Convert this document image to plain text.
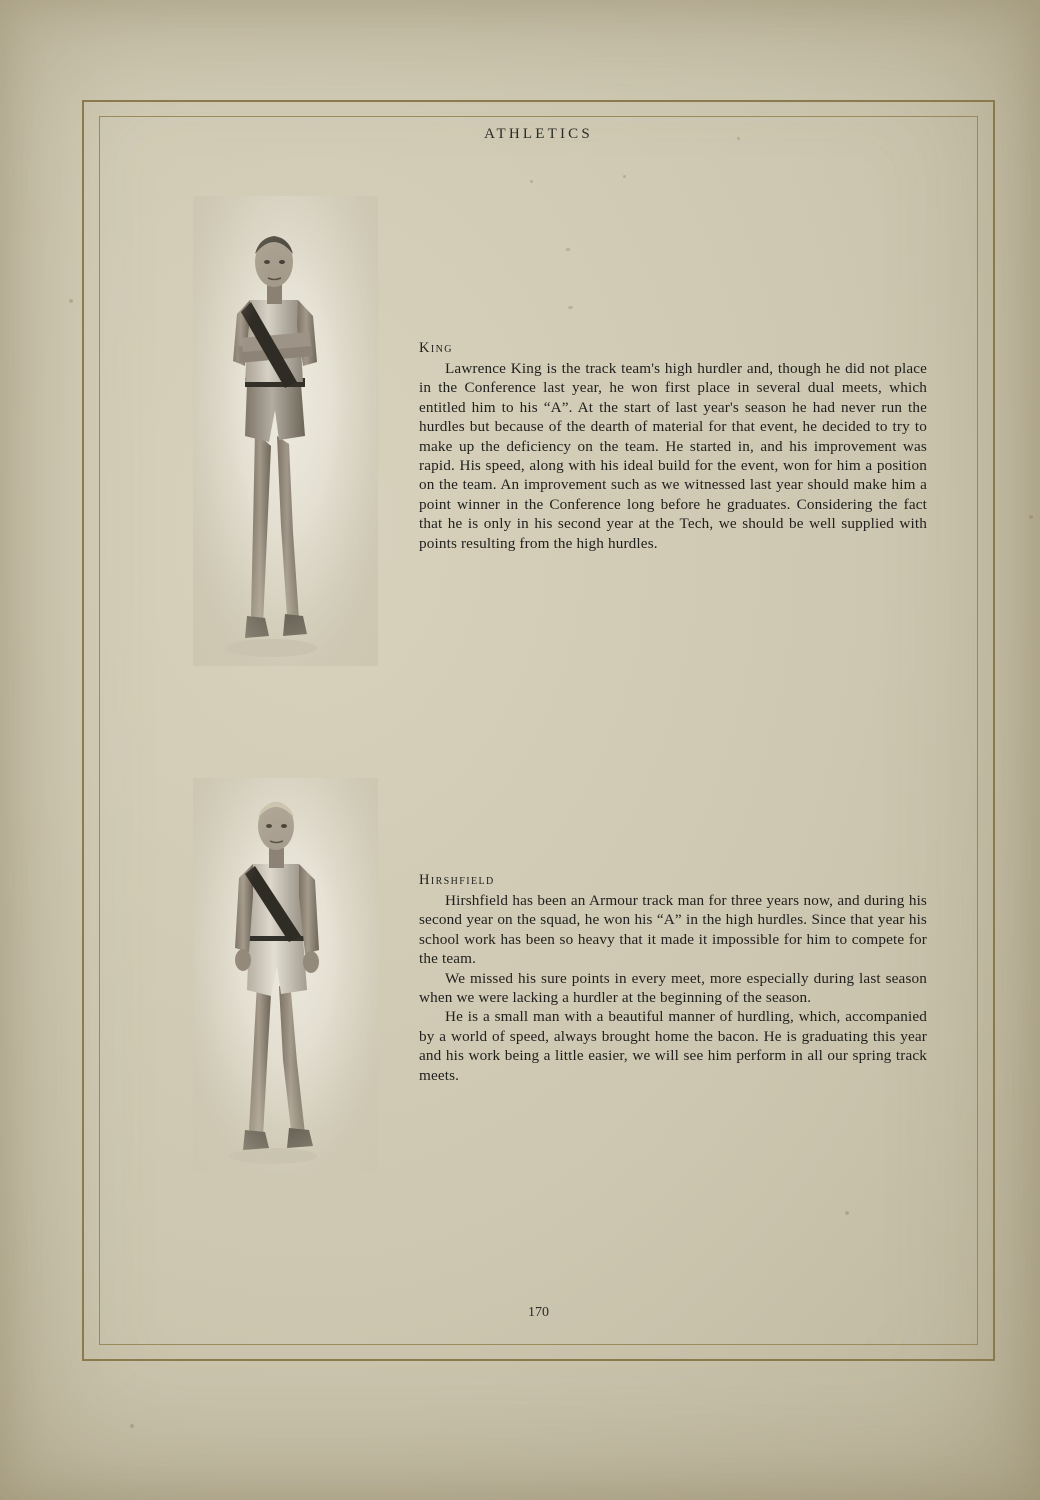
ATHLETICS
King

Lawrence King is the track team's high hurdler and, though he did not place in the Conference last year, he won first place in several dual meets, which entitled him to his “A”. At the start of last year's season he had never run the hurdles but because of the dearth of material for that event, he decided to try to make up the deficiency on the team. He started in, and his improvement was rapid. His speed, along with his ideal build for the event, won for him a position on the team. An improvement such as we witnessed last year should make him a point winner in the Conference long before he graduates. Considering the fact that he is only in his second year at the Tech, we should be well supplied with points resulting from the high hurdles.

Hirshfield

Hirshfield has been an Armour track man for three years now, and during his second year on the squad, he won his “A” in the high hurdles. Since that year his school work has been so heavy that it made it impossible for him to compete for the team.

We missed his sure points in every meet, more especially during last season when we were lacking a hurdler at the beginning of the season.

He is a small man with a beautiful manner of hurdling, which, accompanied by a world of speed, always brought home the bacon. He is graduating this year and his work being a little easier, we will see him perform in all our spring track meets.

170
